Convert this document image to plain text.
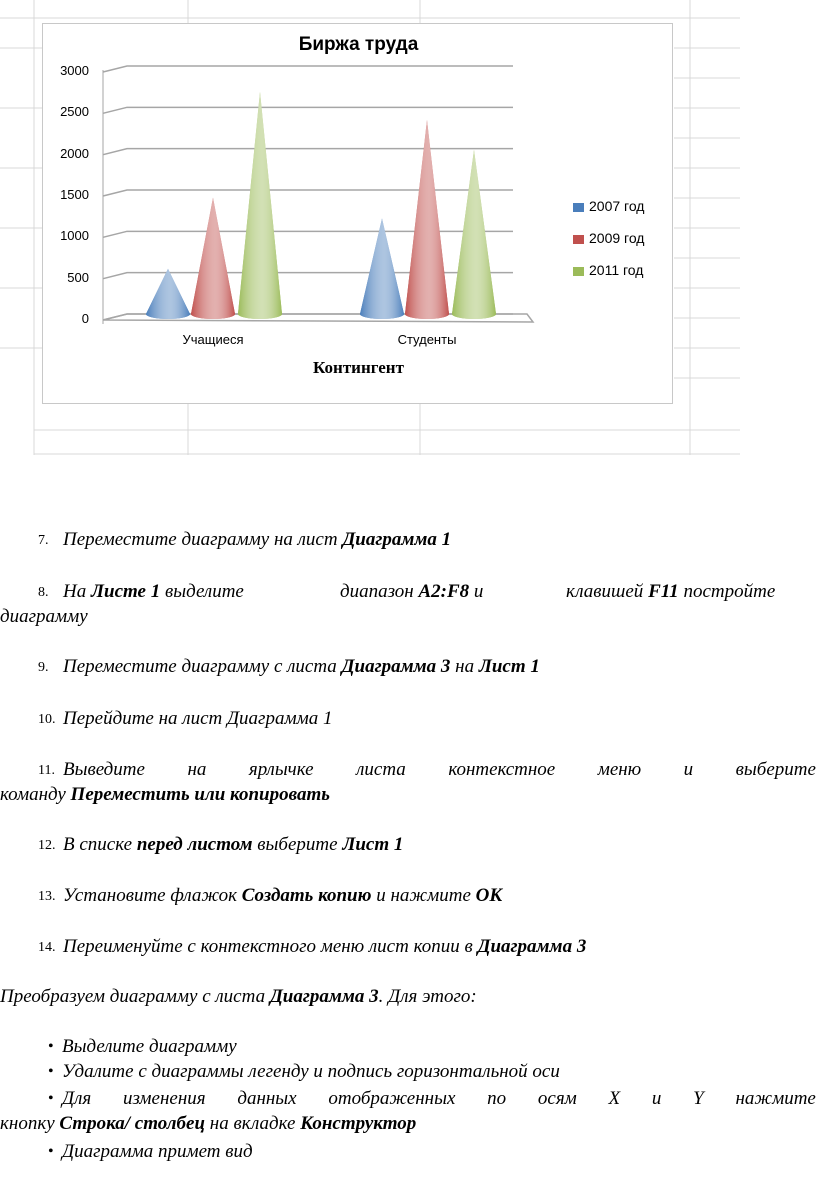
Биржа труда
3000
2500
2000
1500
1000
500
0
Учащиеся	Студенты
Контингент
2007 год
2009 год
2011 год
7. Переместите диаграмму на лист Диаграмма 1
8. На Листе 1 выделите	диапазон A2:F8 и	клавишей F11 постройте
диаграмму
9. Переместите диаграмму с листа Диаграмма 3 на Лист 1
10. Перейдите на лист Диаграмма 1
11. Выведите на ярлычке листа контекстное меню и выберите
команду Переместить или копировать
12. В списке перед листом выберите Лист 1
13. Установите флажок Создать копию и нажмите ОК
14. Переименуйте с контекстного меню лист копии в Диаграмма 3
Преобразуем диаграмму с листа Диаграмма 3. Для этого:
• Выделите диаграмму
• Удалите с диаграммы легенду и подпись горизонтальной оси
• Для изменения данных отображенных по осям X и Y нажмите
кнопку Строка/ столбец на вкладке Конструктор
• Диаграмма примет вид
